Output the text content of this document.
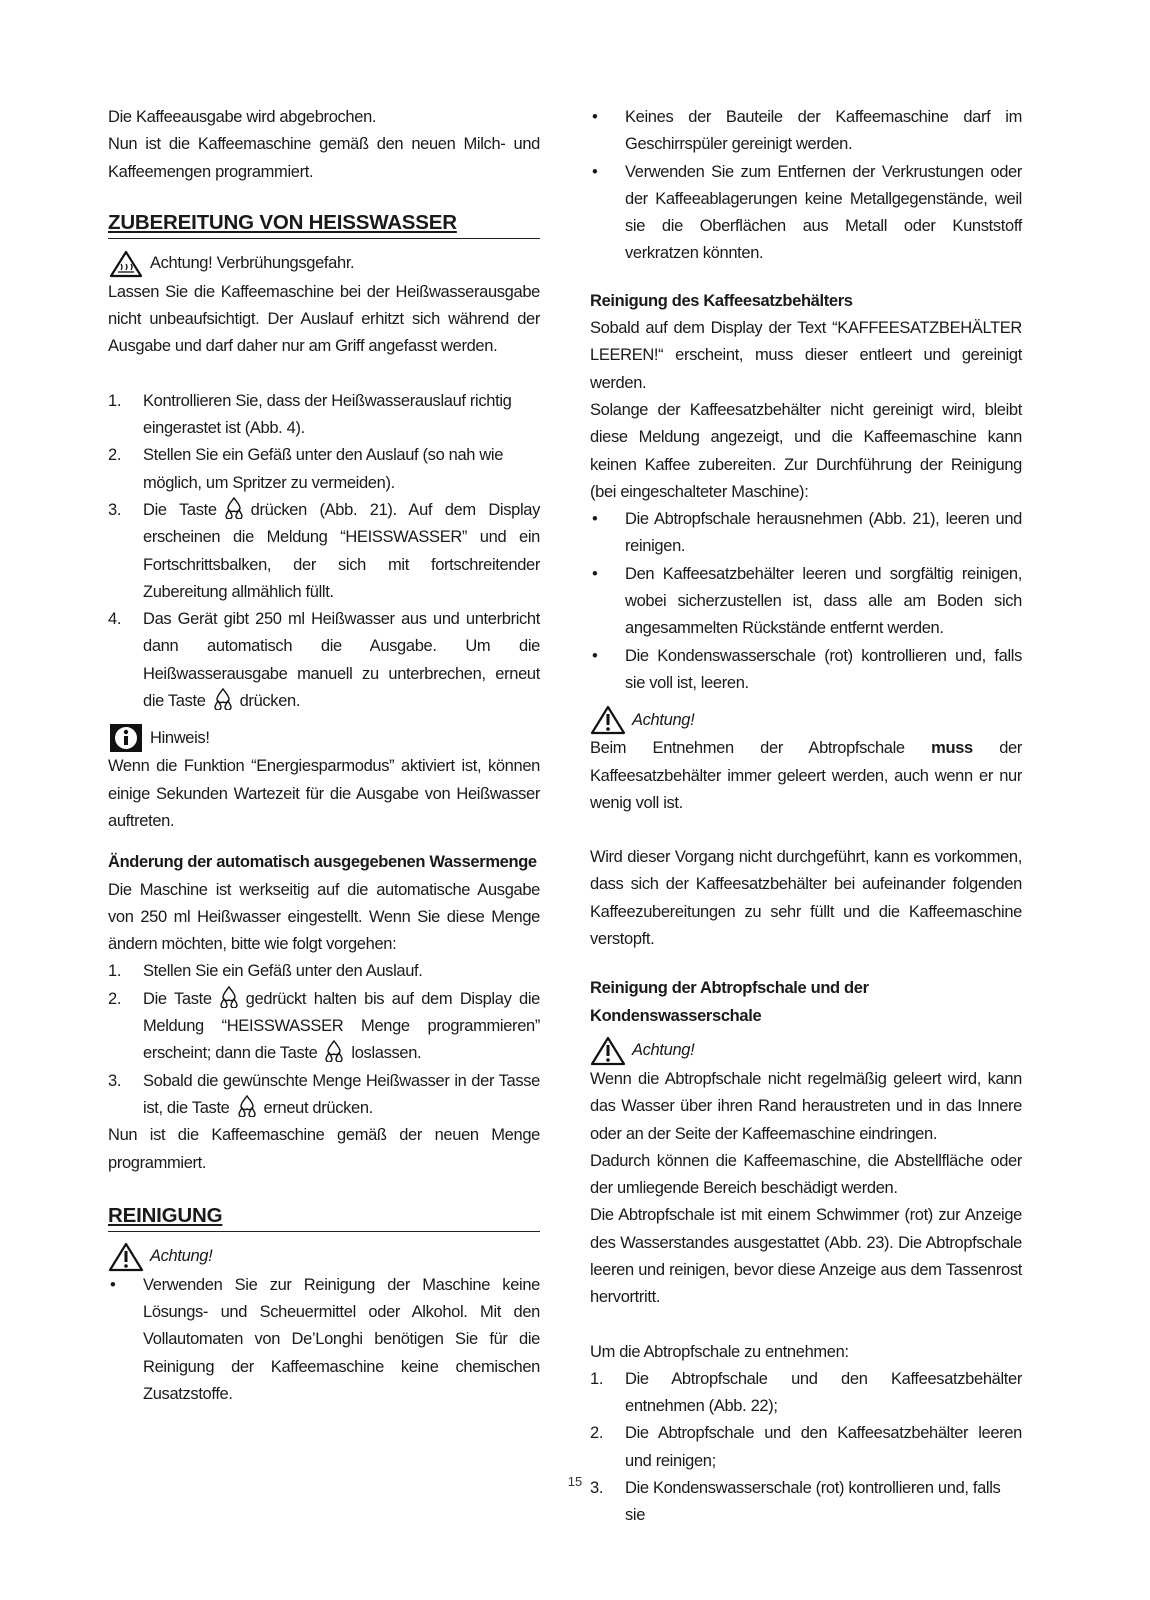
Die Kaffeeausgabe wird abgebrochen.

Nun ist die Kaffeemaschine gemäß den neuen Milch- und Kaffeemengen programmiert.

ZUBEREITUNG VON HEISSWASSER
Achtung! Verbrühungsgefahr.

Lassen Sie die Kaffeemaschine bei der Heißwasserausgabe nicht unbeaufsichtigt. Der Auslauf erhitzt sich während der Ausgabe und darf daher nur am Griff angefasst werden.

1. Kontrollieren Sie, dass der Heißwasserauslauf richtig eingerastet ist (Abb. 4).
2. Stellen Sie ein Gefäß unter den Auslauf (so nah wie möglich, um Spritzer zu vermeiden).
3. Die Taste drücken (Abb. 21). Auf dem Display erscheinen die Meldung “HEISSWASSER” und ein Fortschrittsbalken, der sich mit fortschreitender Zubereitung allmählich füllt.
4. Das Gerät gibt 250 ml Heißwasser aus und unterbricht dann automatisch die Ausgabe. Um die Heißwasserausgabe manuell zu unterbrechen, erneut die Taste drücken.
Hinweis!

Wenn die Funktion “Energiesparmodus” aktiviert ist, können einige Sekunden Wartezeit für die Ausgabe von Heißwasser auftreten.

Änderung der automatisch ausgegebenen Wassermenge

Die Maschine ist werkseitig auf die automatische Ausgabe von 250 ml Heißwasser eingestellt. Wenn Sie diese Menge ändern möchten, bitte wie folgt vorgehen:

1. Stellen Sie ein Gefäß unter den Auslauf.
2. Die Taste gedrückt halten bis auf dem Display die Meldung “HEISSWASSER Menge programmieren” erscheint; dann die Taste loslassen.
3. Sobald die gewünschte Menge Heißwasser in der Tasse ist, die Taste erneut drücken.

Nun ist die Kaffeemaschine gemäß der neuen Menge programmiert.

REINIGUNG
Achtung!
• Verwenden Sie zur Reinigung der Maschine keine Lösungs- und Scheuermittel oder Alkohol. Mit den Vollautomaten von De’Longhi benötigen Sie für die Reinigung der Kaffeemaschine keine chemischen Zusatzstoffe.
• Keines der Bauteile der Kaffeemaschine darf im Geschirrspüler gereinigt werden.
• Verwenden Sie zum Entfernen der Verkrustungen oder der Kaffeeablagerungen keine Metallgegenstände, weil sie die Oberflächen aus Metall oder Kunststoff verkratzen könnten.
Reinigung des Kaffeesatzbehälters

Sobald auf dem Display der Text “KAFFEESATZBEHÄLTER LEEREN!“ erscheint, muss dieser entleert und gereinigt werden.

Solange der Kaffeesatzbehälter nicht gereinigt wird, bleibt diese Meldung angezeigt, und die Kaffeemaschine kann keinen Kaffee zubereiten. Zur Durchführung der Reinigung (bei eingeschalteter Maschine):

• Die Abtropfschale herausnehmen (Abb. 21), leeren und reinigen.
• Den Kaffeesatzbehälter leeren und sorgfältig reinigen, wobei sicherzustellen ist, dass alle am Boden sich angesammelten Rückstände entfernt werden.
• Die Kondenswasserschale (rot) kontrollieren und, falls sie voll ist, leeren.
Achtung!

Beim Entnehmen der Abtropfschale muss der Kaffeesatzbehälter immer geleert werden, auch wenn er nur wenig voll ist.

Wird dieser Vorgang nicht durchgeführt, kann es vorkommen, dass sich der Kaffeesatzbehälter bei aufeinander folgenden Kaffeezubereitungen zu sehr füllt und die Kaffeemaschine verstopft.

Reinigung der Abtropfschale und der Kondenswasserschale
Achtung!

Wenn die Abtropfschale nicht regelmäßig geleert wird, kann das Wasser über ihren Rand heraustreten und in das Innere oder an der Seite der Kaffeemaschine eindringen.

Dadurch können die Kaffeemaschine, die Abstellfläche oder der umliegende Bereich beschädigt werden.

Die Abtropfschale ist mit einem Schwimmer (rot) zur Anzeige des Wasserstandes ausgestattet (Abb. 23). Die Abtropfschale leeren und reinigen, bevor diese Anzeige aus dem Tassenrost hervortritt.

Um die Abtropfschale zu entnehmen:

1. Die Abtropfschale und den Kaffeesatzbehälter entnehmen (Abb. 22);
2. Die Abtropfschale und den Kaffeesatzbehälter leeren und reinigen;
3. Die Kondenswasserschale (rot) kontrollieren und, falls sie
15
